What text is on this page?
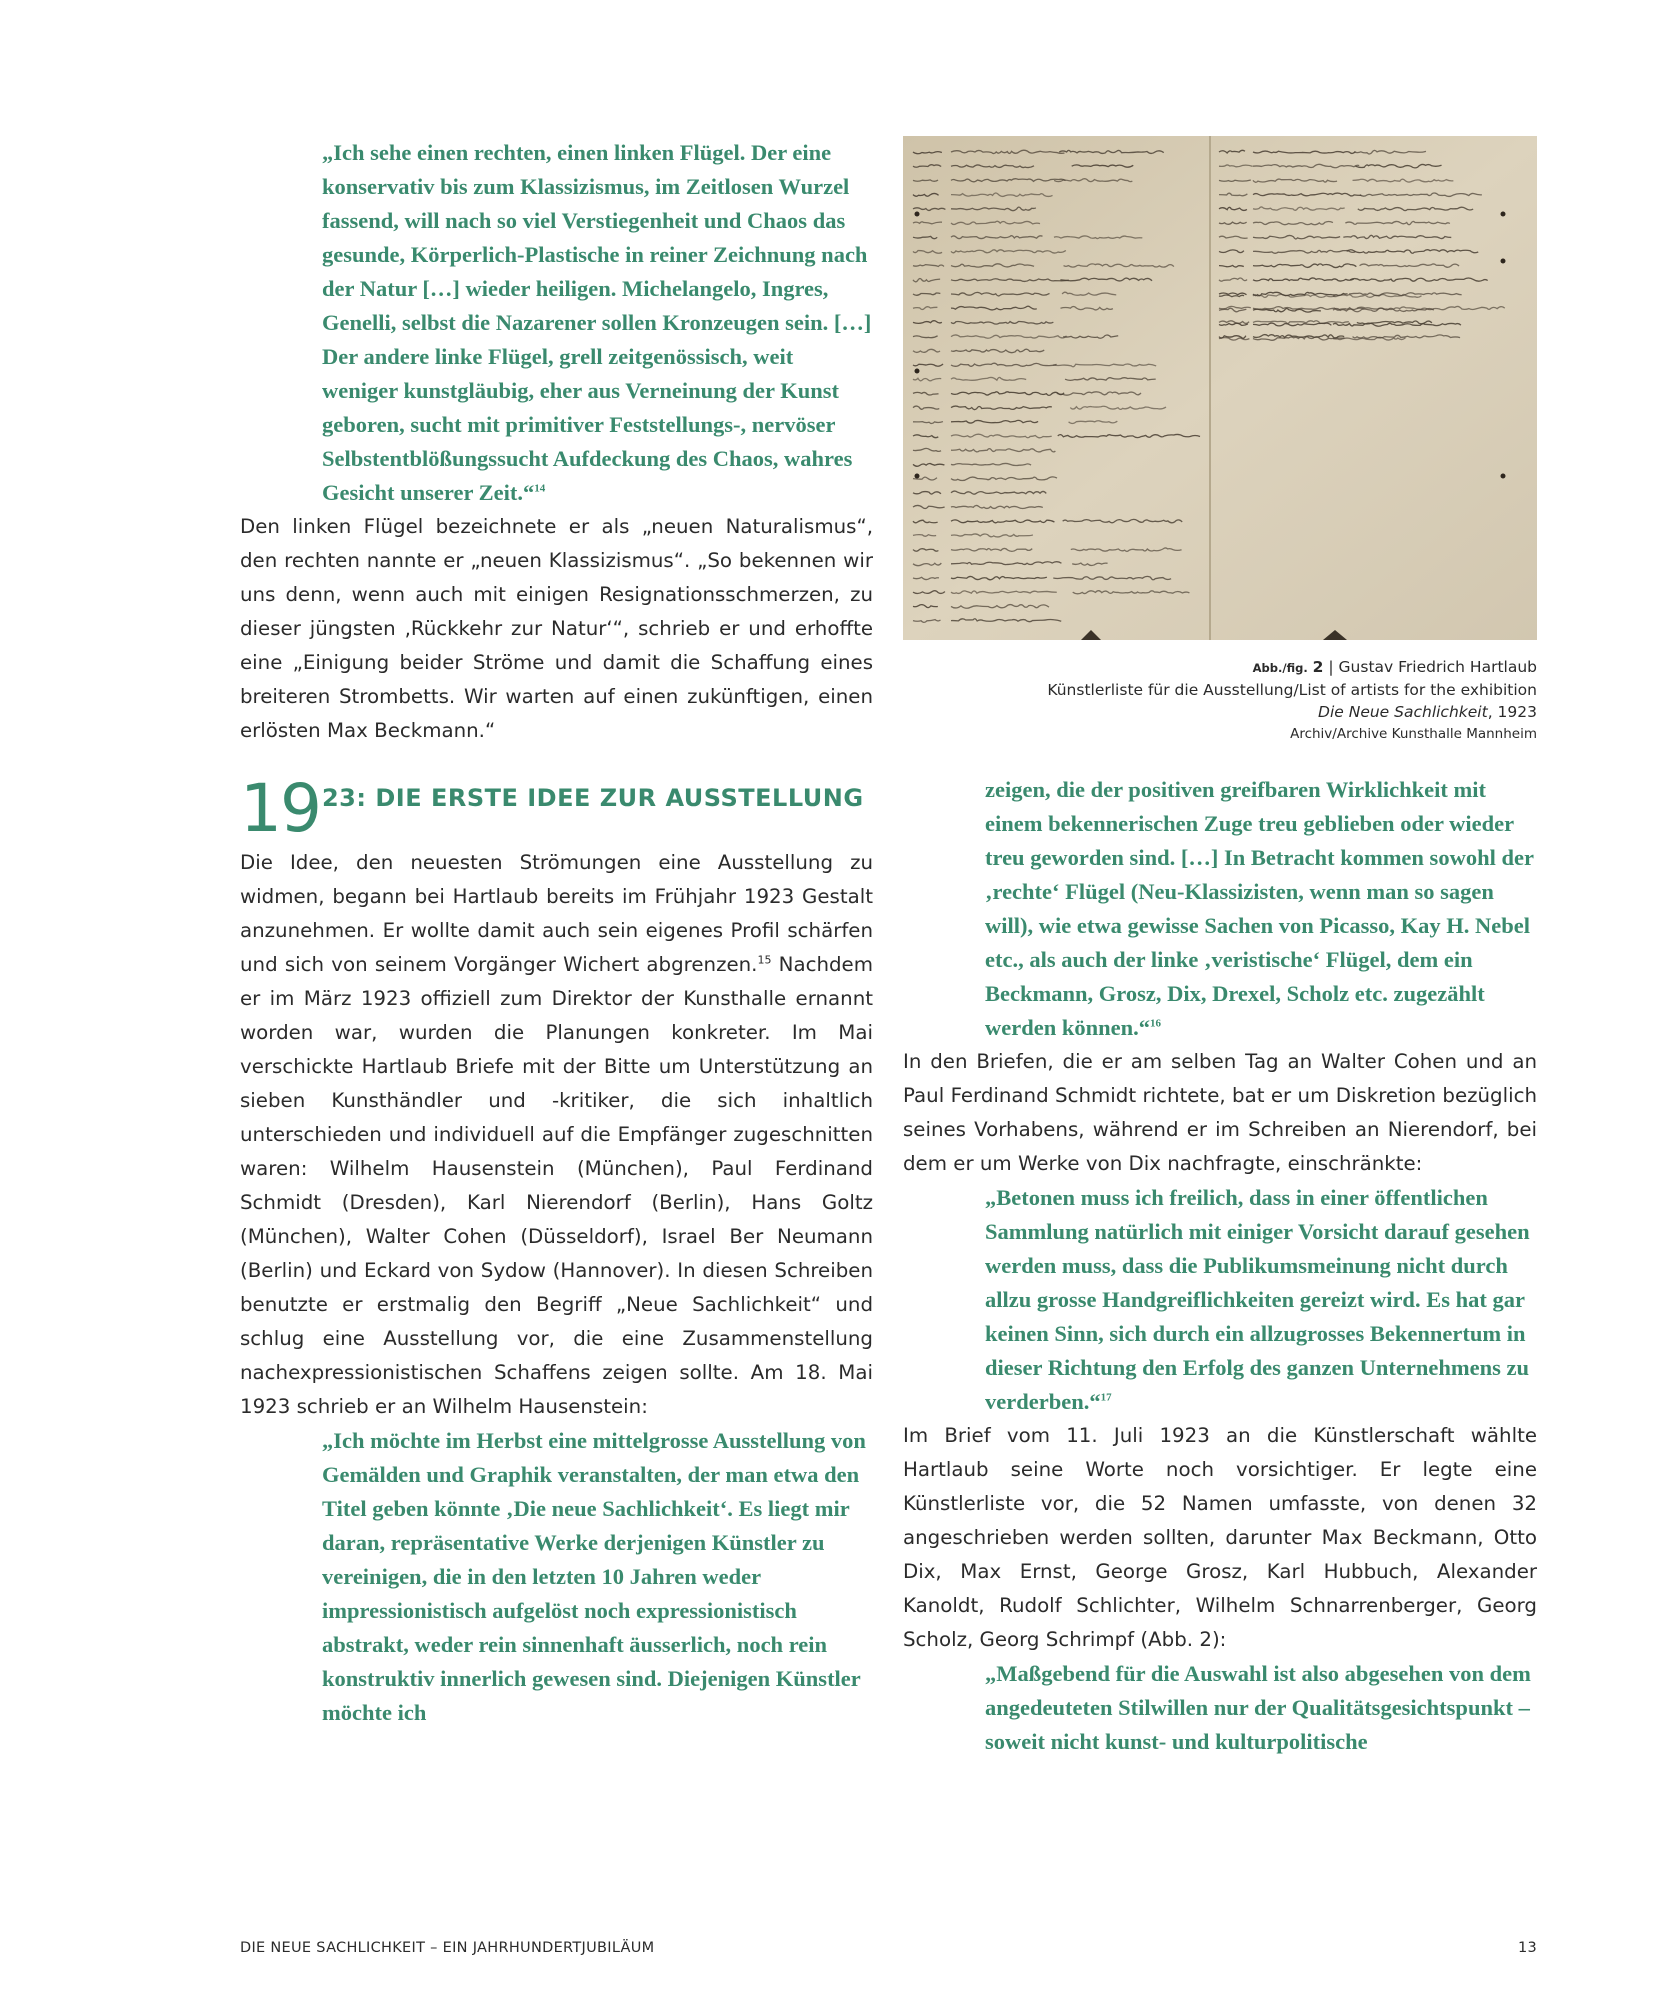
„Ich sehe einen rechten, einen linken Flügel. Der eine konservativ bis zum Klassizismus, im Zeitlosen Wurzel fassend, will nach so viel Verstiegenheit und Chaos das gesunde, Körperlich-Plastische in reiner Zeichnung nach der Natur […] wieder heiligen. Michelangelo, Ingres, Genelli, selbst die Nazarener sollen Kronzeugen sein. […] Der andere linke Flügel, grell zeitgenössisch, weit weniger kunstgläubig, eher aus Verneinung der Kunst geboren, sucht mit primitiver Feststellungs-, nervöser Selbstentblößungssucht Aufdeckung des Chaos, wahres Gesicht unserer Zeit.“$^{14}$

Den linken Flügel bezeichnete er als „neuen Naturalismus“, den rechten nannte er „neuen Klassizismus“. „So bekennen wir uns denn, wenn auch mit einigen Resignationsschmerzen, zu dieser jüngsten ‚Rückkehr zur Natur‘“, schrieb er und erhoffte eine „Einigung beider Ströme und damit die Schaffung eines breiteren Strombetts. Wir warten auf einen zukünftigen, einen erlösten Max Beckmann.“

19 23: DIE ERSTE IDEE ZUR AUSSTELLUNG

Die Idee, den neuesten Strömungen eine Ausstellung zu widmen, begann bei Hartlaub bereits im Frühjahr 1923 Gestalt anzunehmen. Er wollte damit auch sein eigenes Profil schärfen und sich von seinem Vorgänger Wichert abgrenzen.$^{15}$ Nachdem er im März 1923 offiziell zum Direktor der Kunsthalle ernannt worden war, wurden die Planungen konkreter. Im Mai verschickte Hartlaub Briefe mit der Bitte um Unterstützung an sieben Kunsthändler und -kritiker, die sich inhaltlich unterschieden und individuell auf die Empfänger zugeschnitten waren: Wilhelm Hausenstein (München), Paul Ferdinand Schmidt (Dresden), Karl Nierendorf (Berlin), Hans Goltz (München), Walter Cohen (Düsseldorf), Israel Ber Neumann (Berlin) und Eckard von Sydow (Hannover). In diesen Schreiben benutzte er erstmalig den Begriff „Neue Sachlichkeit“ und schlug eine Ausstellung vor, die eine Zusammenstellung nachexpressionistischen Schaffens zeigen sollte. Am 18. Mai 1923 schrieb er an Wilhelm Hausenstein:

„Ich möchte im Herbst eine mittelgrosse Ausstellung von Gemälden und Graphik veranstalten, der man etwa den Titel geben könnte ‚Die neue Sachlichkeit‘. Es liegt mir daran, repräsentative Werke derjenigen Künstler zu vereinigen, die in den letzten 10 Jahren weder impressionistisch aufgelöst noch expressionistisch abstrakt, weder rein sinnenhaft äusserlich, noch rein konstruktiv innerlich gewesen sind. Diejenigen Künstler möchte ich

Abb./fig. 2 | Gustav Friedrich Hartlaub
Künstlerliste für die Ausstellung/List of artists for the exhibition
Die Neue Sachlichkeit, 1923
Archiv/Archive Kunsthalle Mannheim

zeigen, die der positiven greifbaren Wirklichkeit mit einem bekennerischen Zuge treu geblieben oder wieder treu geworden sind. […] In Betracht kommen sowohl der ‚rechte‘ Flügel (Neu-Klassizisten, wenn man so sagen will), wie etwa gewisse Sachen von Picasso, Kay H. Nebel etc., als auch der linke ‚veristische‘ Flügel, dem ein Beckmann, Grosz, Dix, Drexel, Scholz etc. zugezählt werden können.“$^{16}$

In den Briefen, die er am selben Tag an Walter Cohen und an Paul Ferdinand Schmidt richtete, bat er um Diskretion bezüglich seines Vorhabens, während er im Schreiben an Nierendorf, bei dem er um Werke von Dix nachfragte, einschränkte:

„Betonen muss ich freilich, dass in einer öffentlichen Sammlung natürlich mit einiger Vorsicht darauf gesehen werden muss, dass die Publikumsmeinung nicht durch allzu grosse Handgreiflichkeiten gereizt wird. Es hat gar keinen Sinn, sich durch ein allzugrosses Bekennertum in dieser Richtung den Erfolg des ganzen Unternehmens zu verderben.“$^{17}$

Im Brief vom 11. Juli 1923 an die Künstlerschaft wählte Hartlaub seine Worte noch vorsichtiger. Er legte eine Künstlerliste vor, die 52 Namen umfasste, von denen 32 angeschrieben werden sollten, darunter Max Beckmann, Otto Dix, Max Ernst, George Grosz, Karl Hubbuch, Alexander Kanoldt, Rudolf Schlichter, Wilhelm Schnarrenberger, Georg Scholz, Georg Schrimpf (Abb. 2):

„Maßgebend für die Auswahl ist also abgesehen von dem angedeuteten Stilwillen nur der Qualitätsgesichtspunkt – soweit nicht kunst- und kulturpolitische

DIE NEUE SACHLICHKEIT – EIN JAHRHUNDERTJUBILÄUM	13
